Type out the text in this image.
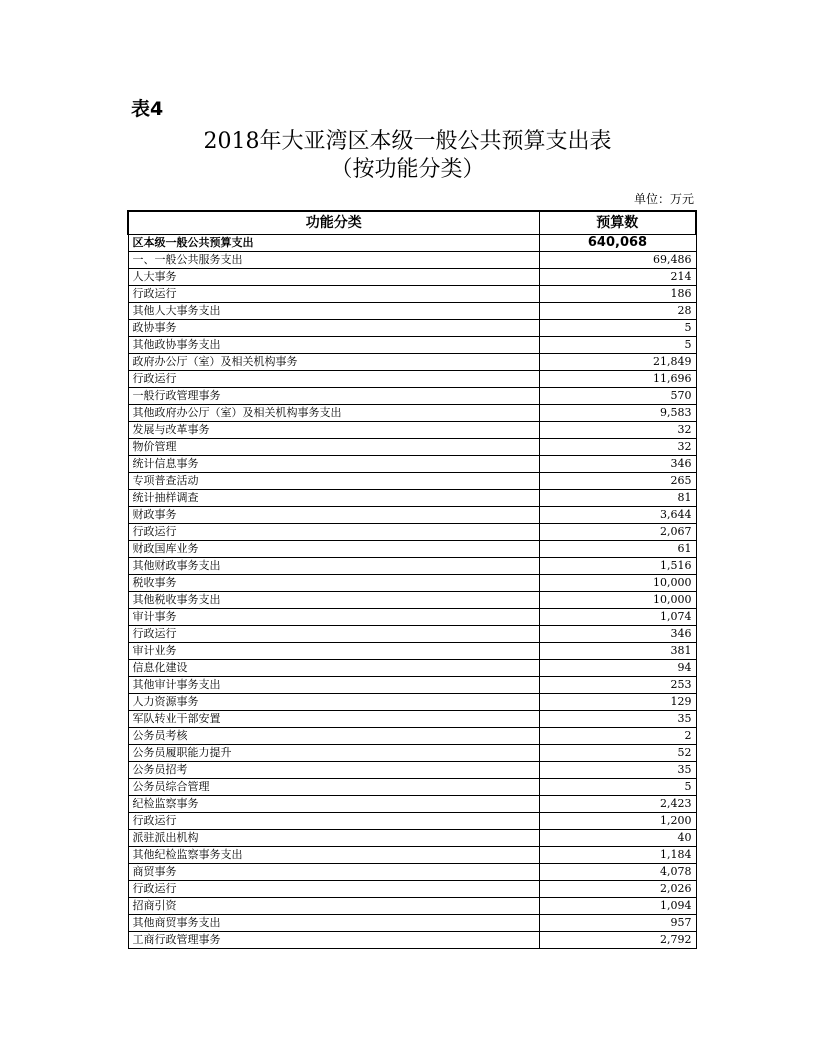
表4
2018年大亚湾区本级一般公共预算支出表
（按功能分类）
单位：万元
功能分类	预算数
区本级一般公共预算支出	640,068
一、一般公共服务支出	69,486
人大事务	214
行政运行	186
其他人大事务支出	28
政协事务	5
其他政协事务支出	5
政府办公厅（室）及相关机构事务	21,849
行政运行	11,696
一般行政管理事务	570
其他政府办公厅（室）及相关机构事务支出	9,583
发展与改革事务	32
物价管理	32
统计信息事务	346
专项普查活动	265
统计抽样调查	81
财政事务	3,644
行政运行	2,067
财政国库业务	61
其他财政事务支出	1,516
税收事务	10,000
其他税收事务支出	10,000
审计事务	1,074
行政运行	346
审计业务	381
信息化建设	94
其他审计事务支出	253
人力资源事务	129
军队转业干部安置	35
公务员考核	2
公务员履职能力提升	52
公务员招考	35
公务员综合管理	5
纪检监察事务	2,423
行政运行	1,200
派驻派出机构	40
其他纪检监察事务支出	1,184
商贸事务	4,078
行政运行	2,026
招商引资	1,094
其他商贸事务支出	957
工商行政管理事务	2,792
